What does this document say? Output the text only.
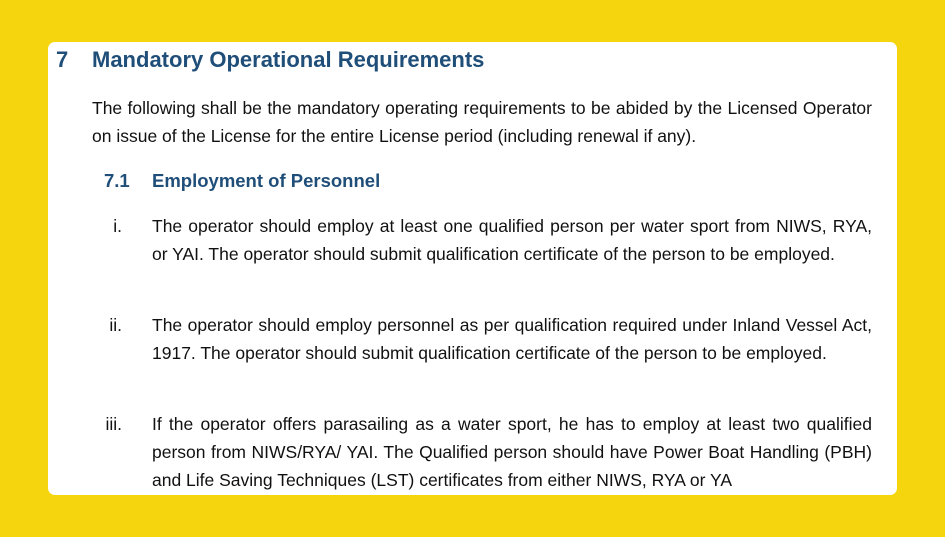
7 Mandatory Operational Requirements
The following shall be the mandatory operating requirements to be abided by the Licensed Operator on issue of the License for the entire License period (including renewal if any).
7.1 Employment of Personnel
i.	The operator should employ at least one qualified person per water sport from NIWS, RYA, or YAI. The operator should submit qualification certificate of the person to be employed.
ii.	The operator should employ personnel as per qualification required under Inland Vessel Act, 1917. The operator should submit qualification certificate of the person to be employed.
iii.	If the operator offers parasailing as a water sport, he has to employ at least two qualified person from NIWS/RYA/ YAI. The Qualified person should have Power Boat Handling (PBH) and Life Saving Techniques (LST) certificates from either NIWS, RYA or YA
